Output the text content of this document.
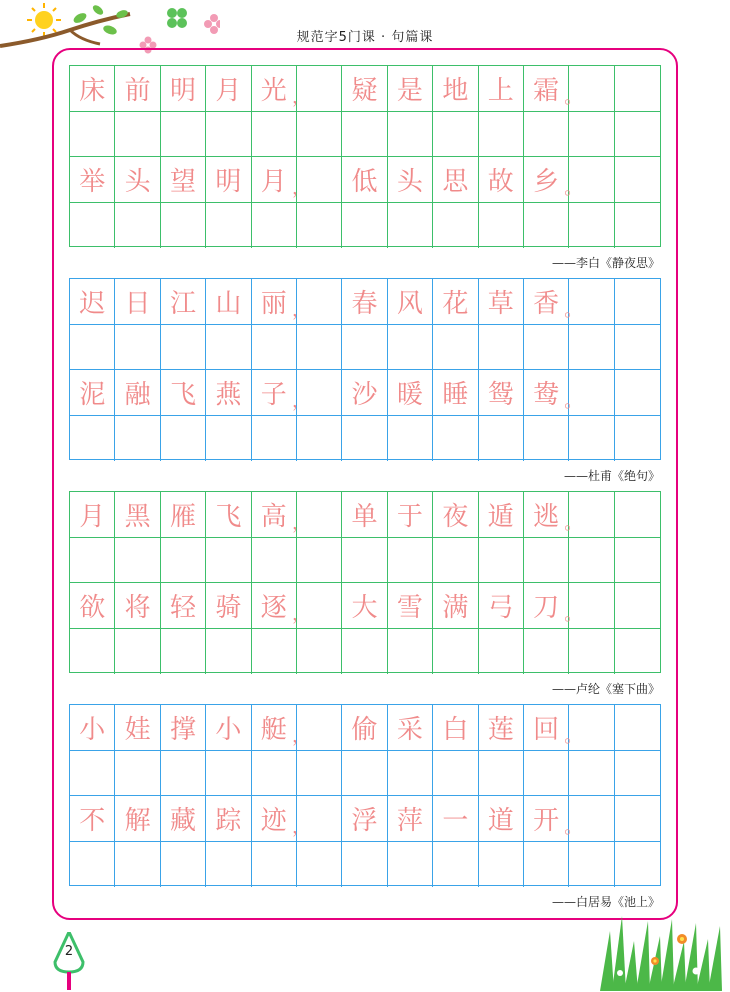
规范字5门课 · 句篇课
床 前 明 月 光 ， 疑 是 地 上 霜 。
举 头 望 明 月 ， 低 头 思 故 乡 。
——李白《静夜思》
迟 日 江 山 丽 ， 春 风 花 草 香 。
泥 融 飞 燕 子 ， 沙 暖 睡 鸳 鸯 。
——杜甫《绝句》
月 黑 雁 飞 高 ， 单 于 夜 遁 逃 。
欲 将 轻 骑 逐 ， 大 雪 满 弓 刀 。
——卢纶《塞下曲》
小 娃 撑 小 艇 ， 偷 采 白 莲 回 。
不 解 藏 踪 迹 ， 浮 萍 一 道 开 。
——白居易《池上》
2
